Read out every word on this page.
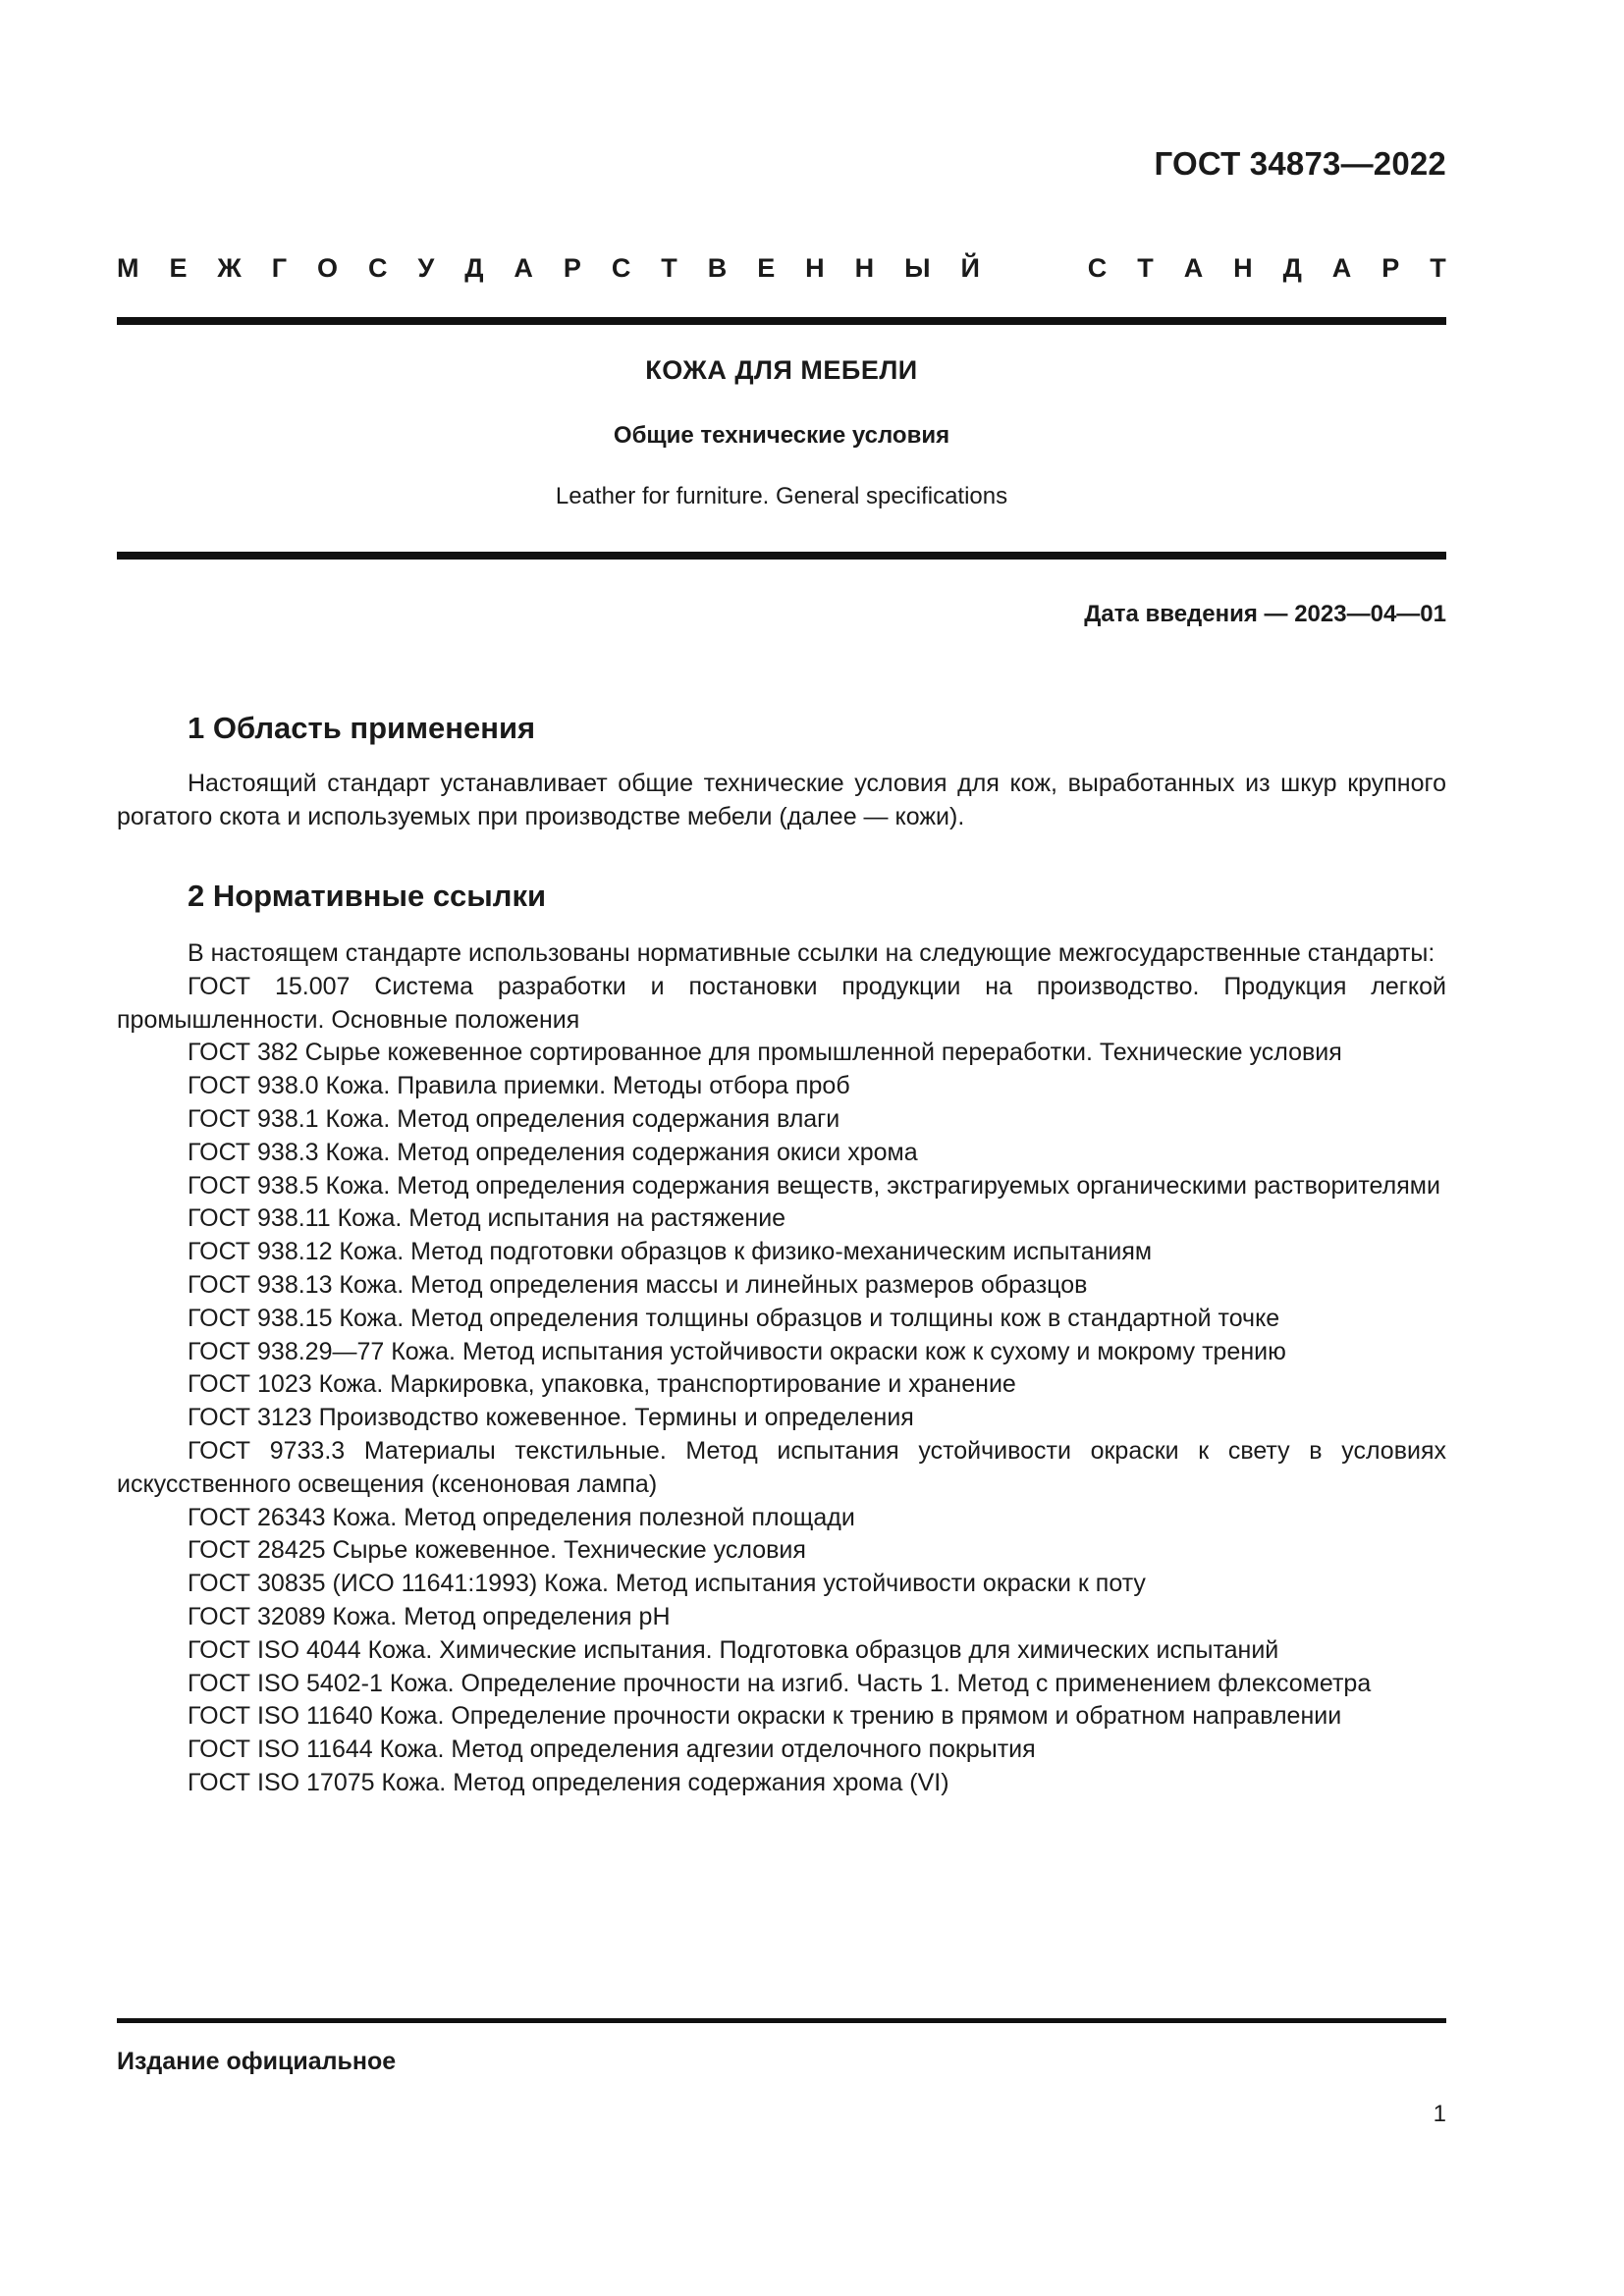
ГОСТ 34873—2022
М Е Ж Г О С У Д А Р С Т В Е Н Н Ы Й	С Т А Н Д А Р Т
КОЖА ДЛЯ МЕБЕЛИ
Общие технические условия
Leather for furniture. General specifications
Дата введения — 2023—04—01
1 Область применения

Настоящий стандарт устанавливает общие технические условия для кож, выработанных из шкур крупного рогатого скота и используемых при производстве мебели (далее — кожи).

2 Нормативные ссылки

В настоящем стандарте использованы нормативные ссылки на следующие межгосударственные стандарты:

ГОСТ 15.007 Система разработки и постановки продукции на производство. Продукция легкой промышленности. Основные положения

ГОСТ 382 Сырье кожевенное сортированное для промышленной переработки. Технические условия

ГОСТ 938.0 Кожа. Правила приемки. Методы отбора проб

ГОСТ 938.1 Кожа. Метод определения содержания влаги

ГОСТ 938.3 Кожа. Метод определения содержания окиси хрома

ГОСТ 938.5 Кожа. Метод определения содержания веществ, экстрагируемых органическими растворителями

ГОСТ 938.11 Кожа. Метод испытания на растяжение

ГОСТ 938.12 Кожа. Метод подготовки образцов к физико-механическим испытаниям

ГОСТ 938.13 Кожа. Метод определения массы и линейных размеров образцов

ГОСТ 938.15 Кожа. Метод определения толщины образцов и толщины кож в стандартной точке

ГОСТ 938.29—77 Кожа. Метод испытания устойчивости окраски кож к сухому и мокрому трению

ГОСТ 1023 Кожа. Маркировка, упаковка, транспортирование и хранение

ГОСТ 3123 Производство кожевенное. Термины и определения

ГОСТ 9733.3 Материалы текстильные. Метод испытания устойчивости окраски к свету в условиях искусственного освещения (ксеноновая лампа)

ГОСТ 26343 Кожа. Метод определения полезной площади

ГОСТ 28425 Сырье кожевенное. Технические условия

ГОСТ 30835 (ИСО 11641:1993) Кожа. Метод испытания устойчивости окраски к поту

ГОСТ 32089 Кожа. Метод определения pH

ГОСТ ISO 4044 Кожа. Химические испытания. Подготовка образцов для химических испытаний

ГОСТ ISO 5402-1 Кожа. Определение прочности на изгиб. Часть 1. Метод с применением флексометра

ГОСТ ISO 11640 Кожа. Определение прочности окраски к трению в прямом и обратном направлении

ГОСТ ISO 11644 Кожа. Метод определения адгезии отделочного покрытия

ГОСТ ISO 17075 Кожа. Метод определения содержания хрома (VI)

Издание официальное
1
